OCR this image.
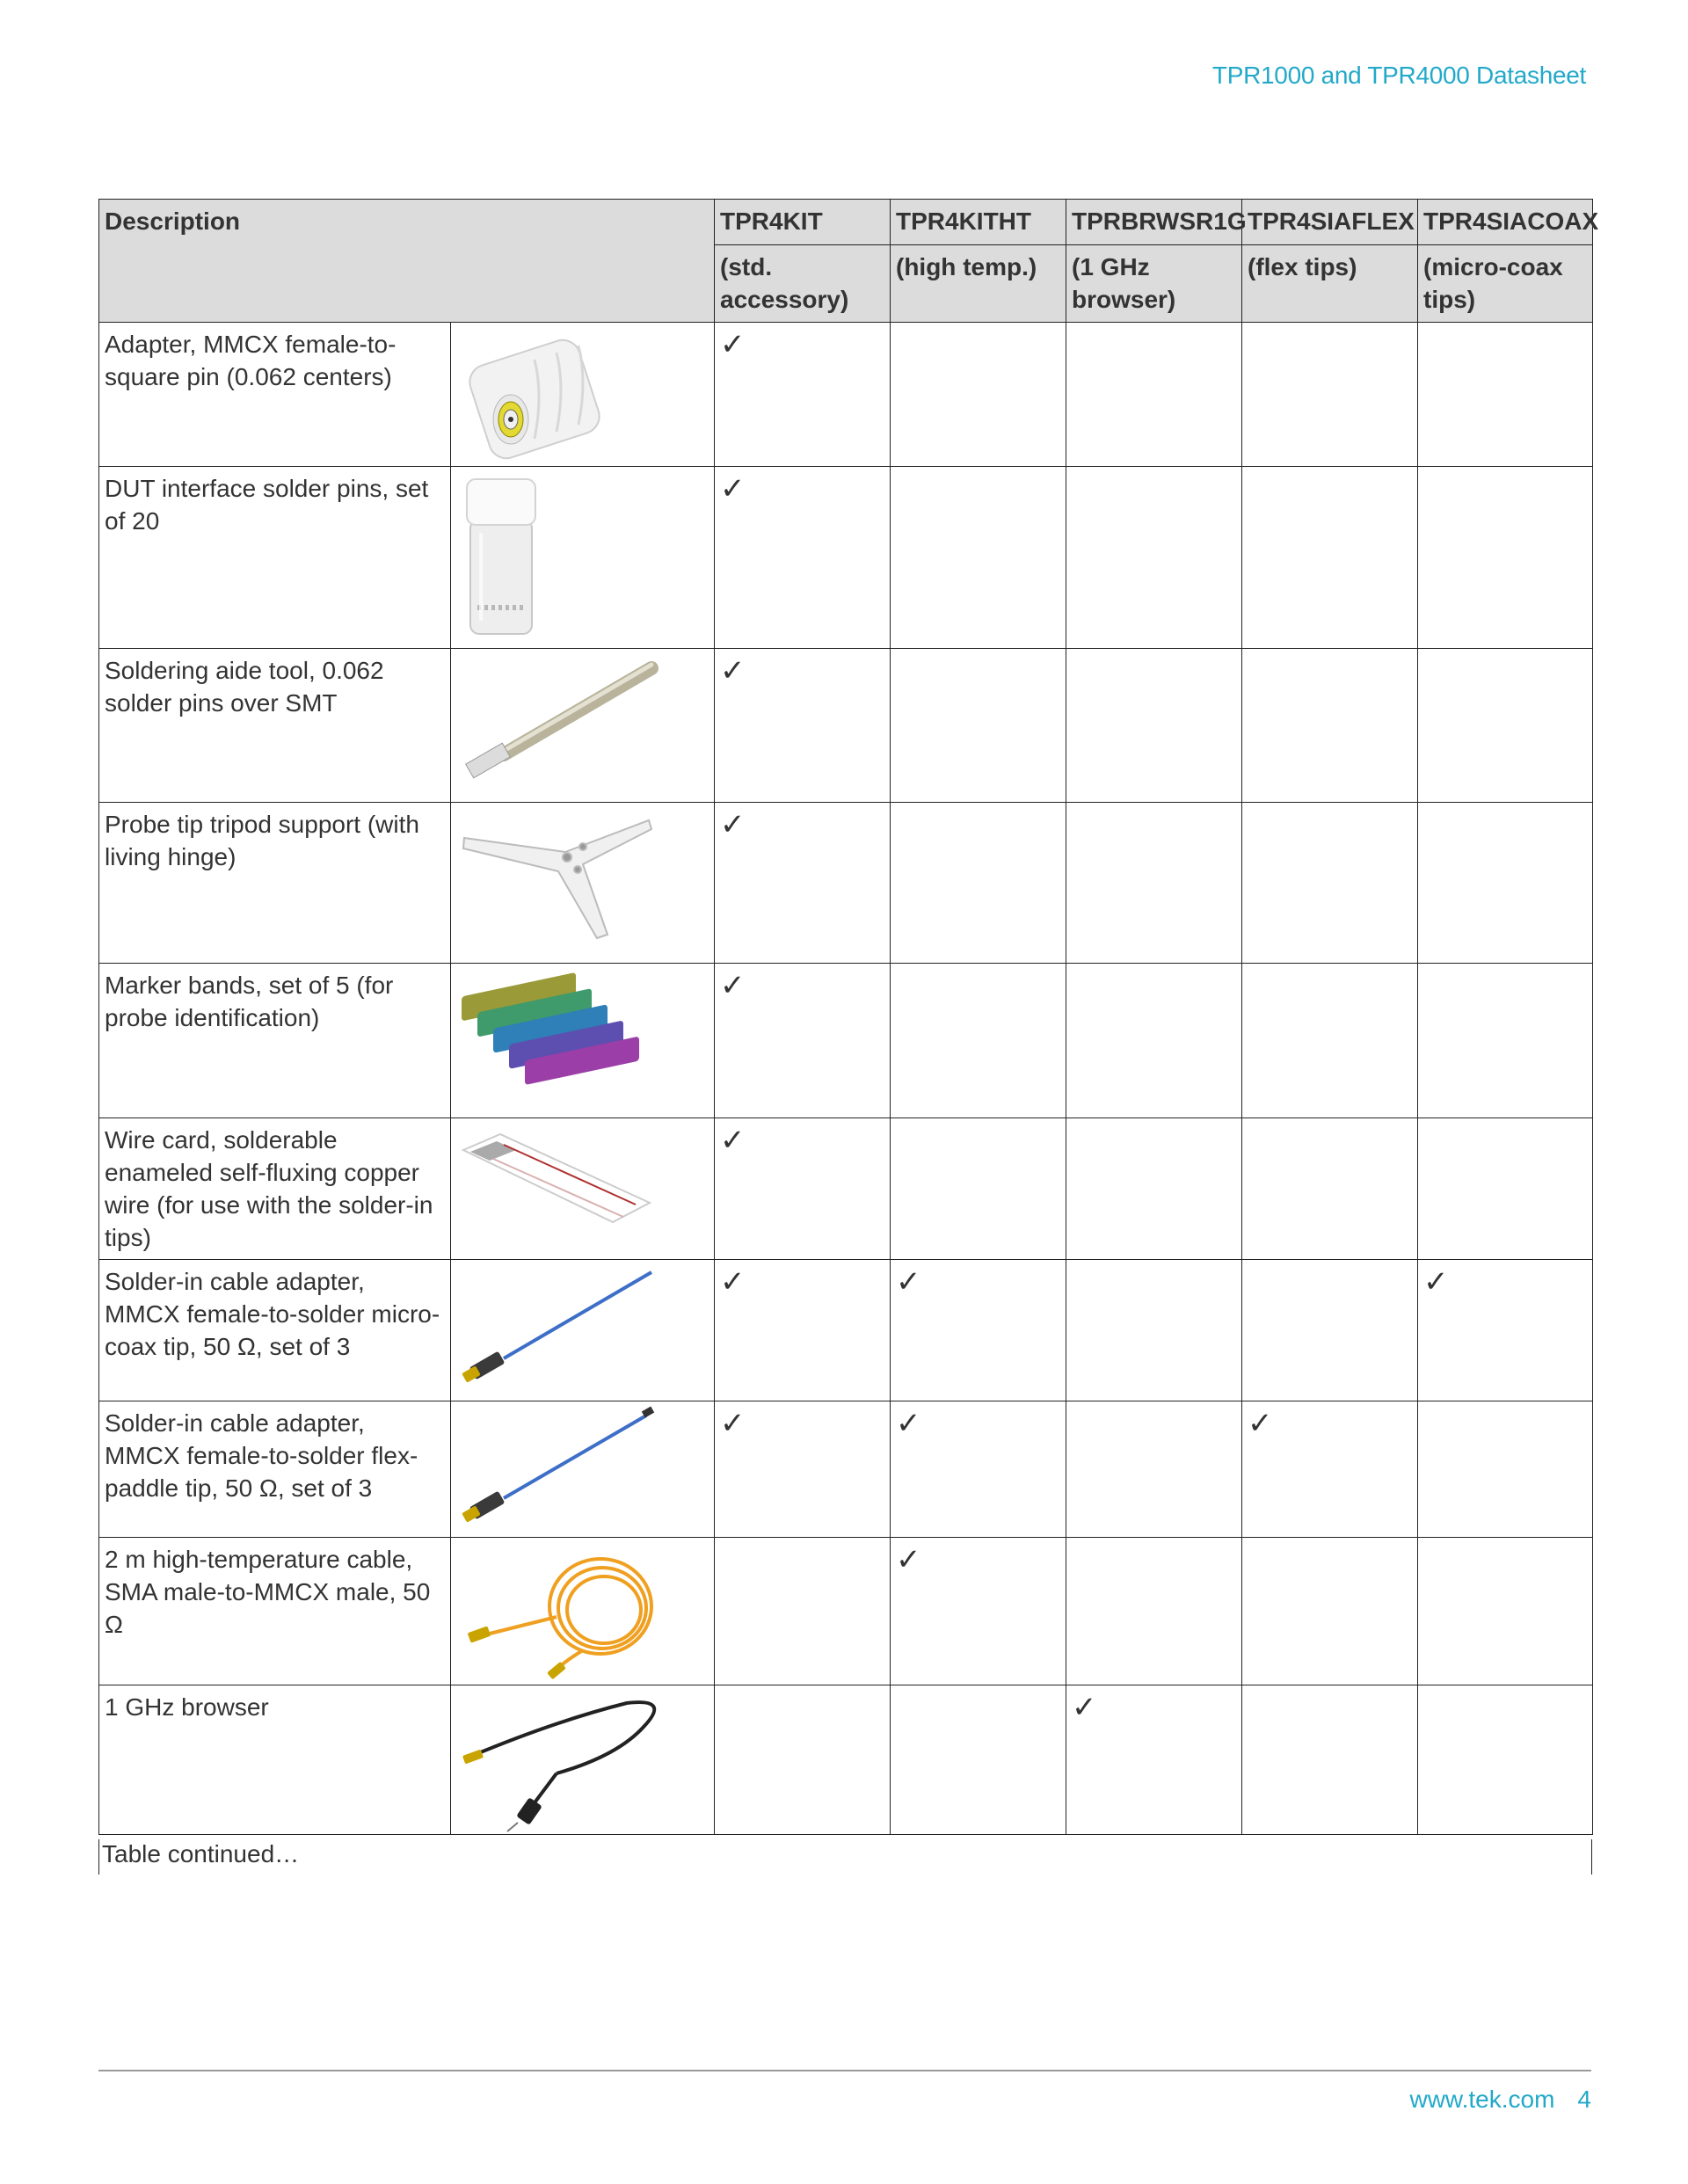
TPR1000 and TPR4000 Datasheet
Description		TPR4KIT	TPR4KITHT	TPRBRWSR1G	TPR4SIAFLEX	TPR4SIACOAX
		(std. accessory)	(high temp.)	(1 GHz browser)	(flex tips)	(micro-coax tips)
Adapter, MMCX female-to-square pin (0.062 centers)		✓				

DUT interface solder pins, set of 20		✓				

Soldering aide tool, 0.062 solder pins over SMT		✓				

Probe tip tripod support (with living hinge)		✓				

Marker bands, set of 5 (for probe identification)		✓				

Wire card, solderable enameled self-fluxing copper wire (for use with the solder-in tips)		✓				

Solder-in cable adapter, MMCX female-to-solder micro-coax tip, 50 Ω, set of 3		✓	✓			✓

Solder-in cable adapter, MMCX female-to-solder flex-paddle tip, 50 Ω, set of 3		✓	✓		✓	

2 m high-temperature cable, SMA male-to-MMCX male, 50 Ω			✓			

1 GHz browser				✓		

Table continued…
www.tek.com 4
